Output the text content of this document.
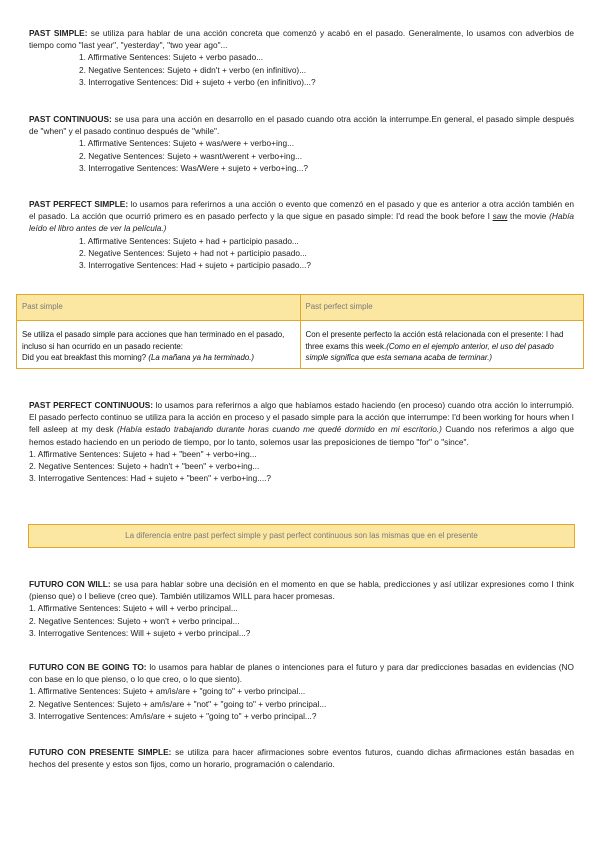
PAST SIMPLE: se utiliza para hablar de una acción concreta que comenzó y acabó en el pasado. Generalmente, lo usamos con adverbios de tiempo como "last year", "yesterday", "two year ago"...
1. Affirmative Sentences: Sujeto + verbo pasado...
2. Negative Sentences: Sujeto + didn't + verbo (en infinitivo)...
3. Interrogative Sentences: Did + sujeto + verbo (en infinitivo)...?
PAST CONTINUOUS: se usa para una acción en desarrollo en el pasado cuando otra acción la interrumpe.En general, el pasado simple después de "when" y el pasado continuo después de "while".
1. Affirmative Sentences: Sujeto + was/were + verbo+ing...
2. Negative Sentences: Sujeto + wasnt/werent + verbo+ing...
3. Interrogative Sentences: Was/Were + sujeto + verbo+ing...?
PAST PERFECT SIMPLE: lo usamos para referirnos a una acción o evento que comenzó en el pasado y que es anterior a otra acción también en el pasado. La acción que ocurrió primero es en pasado perfecto y la que sigue en pasado simple: I'd read the book before I saw the movie (Había leído el libro antes de ver la película.)
1. Affirmative Sentences: Sujeto + had + participio pasado...
2. Negative Sentences: Sujeto + had not + participio pasado...
3. Interrogative Sentences: Had + sujeto + participio pasado...?
Past simple	Past perfect simple
Se utiliza el pasado simple para acciones que han terminado en el pasado, incluso si han ocurrido en un pasado reciente:
Did you eat breakfast this morning? (La mañana ya ha terminado.)	Con el presente perfecto la acción está relacionada con el presente: I had three exams this week.(Como en el ejemplo anterior, el uso del pasado simple significa que esta semana acaba de terminar.)
PAST PERFECT CONTINUOUS: lo usamos para referirnos a algo que habíamos estado haciendo (en proceso) cuando otra acción lo interrumpió. El pasado perfecto continuo se utiliza para la acción en proceso y el pasado simple para la acción que interrumpe: I'd been working for hours when I fell asleep at my desk (Había estado trabajando durante horas cuando me quedé dormido en mi escritorio.) Cuando nos referimos a algo que hemos estado haciendo en un periodo de tiempo, por lo tanto, solemos usar las preposiciones de tiempo "for" o "since".
1. Affirmative Sentences: Sujeto + had + "been" + verbo+ing...
2. Negative Sentences: Sujeto + hadn't + "been" + verbo+ing...
3. Interrogative Sentences: Had + sujeto + "been" + verbo+ing....?
La diferencia entre past perfect simple y past perfect continuous son las mismas que en el presente
FUTURO CON WILL: se usa para hablar sobre una decisión en el momento en que se habla, predicciones y así utilizar expresiones como I think (pienso que) o I believe (creo que). También utilizamos WILL para hacer promesas.
1. Affirmative Sentences: Sujeto + will + verbo principal...
2. Negative Sentences: Sujeto + won't + verbo principal...
3. Interrogative Sentences: Will + sujeto + verbo principal...?
FUTURO CON BE GOING TO: lo usamos para hablar de planes o intenciones para el futuro y para dar predicciones basadas en evidencias (NO con base en lo que pienso, o lo que creo, o lo que siento).
1. Affirmative Sentences: Sujeto + am/is/are + "going to" + verbo principal...
2. Negative Sentences: Sujeto + am/is/are + "not" + "going to" + verbo principal...
3. Interrogative Sentences: Am/is/are + sujeto + "going to" + verbo principal...?
FUTURO CON PRESENTE SIMPLE: se utiliza para hacer afirmaciones sobre eventos futuros, cuando dichas afirmaciones están basadas en hechos del presente y estos son fijos, como un horario, programación o calendario.
